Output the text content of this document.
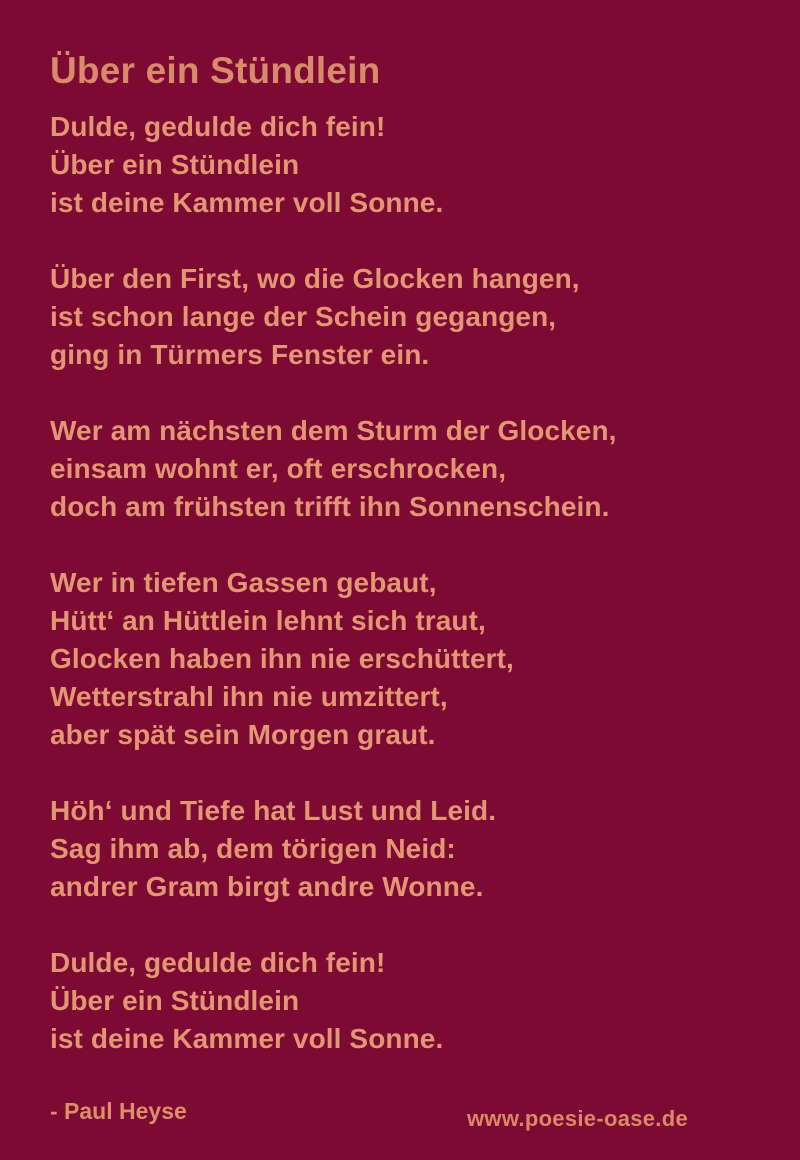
Über ein Stündlein
Dulde, gedulde dich fein!
Über ein Stündlein
ist deine Kammer voll Sonne.
Über den First, wo die Glocken hangen,
ist schon lange der Schein gegangen,
ging in Türmers Fenster ein.
Wer am nächsten dem Sturm der Glocken,
einsam wohnt er, oft erschrocken,
doch am frühsten trifft ihn Sonnenschein.
Wer in tiefen Gassen gebaut,
Hütt‘ an Hüttlein lehnt sich traut,
Glocken haben ihn nie erschüttert,
Wetterstrahl ihn nie umzittert,
aber spät sein Morgen graut.
Höh‘ und Tiefe hat Lust und Leid.
Sag ihm ab, dem törigen Neid:
andrer Gram birgt andre Wonne.
Dulde, gedulde dich fein!
Über ein Stündlein
ist deine Kammer voll Sonne.
- Paul Heyse	www.poesie-oase.de
